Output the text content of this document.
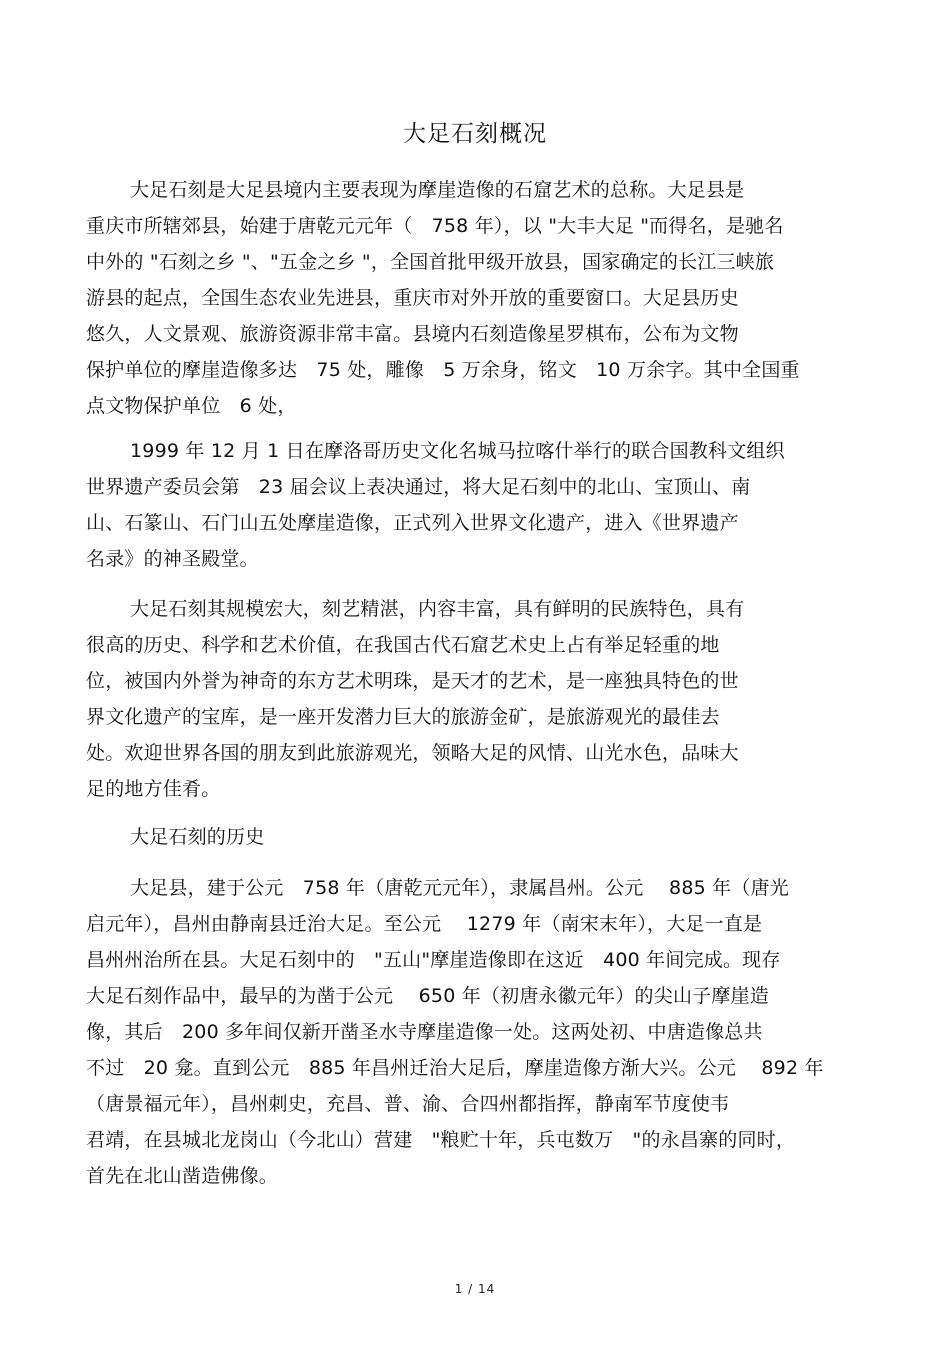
大足石刻概况
大足石刻是大足县境内主要表现为摩崖造像的石窟艺术的总称。大足县是
重庆市所辖郊县，始建于唐乾元元年（　758 年），以 "大丰大足 "而得名，是驰名
中外的 "石刻之乡 "、"五金之乡 "，全国首批甲级开放县，国家确定的长江三峡旅
游县的起点，全国生态农业先进县，重庆市对外开放的重要窗口。大足县历史
悠久，人文景观、旅游资源非常丰富。县境内石刻造像星罗棋布，公布为文物
保护单位的摩崖造像多达　75 处，雕像　5 万余身，铭文　10 万余字。其中全国重
点文物保护单位　6 处，
1999 年 12 月 1 日在摩洛哥历史文化名城马拉喀什举行的联合国教科文组织
世界遗产委员会第　23 届会议上表决通过，将大足石刻中的北山、宝顶山、南
山、石篆山、石门山五处摩崖造像，正式列入世界文化遗产，进入《世界遗产
名录》的神圣殿堂。
大足石刻其规模宏大，刻艺精湛，内容丰富，具有鲜明的民族特色，具有
很高的历史、科学和艺术价值，在我国古代石窟艺术史上占有举足轻重的地
位，被国内外誉为神奇的东方艺术明珠，是天才的艺术，是一座独具特色的世
界文化遗产的宝库，是一座开发潜力巨大的旅游金矿，是旅游观光的最佳去
处。欢迎世界各国的朋友到此旅游观光，领略大足的风情、山光水色，品味大
足的地方佳肴。
大足石刻的历史
大足县，建于公元　758 年（唐乾元元年），隶属昌州。公元　 885 年（唐光
启元年），昌州由静南县迁治大足。至公元　 1279 年（南宋末年），大足一直是
昌州州治所在县。大足石刻中的　"五山"摩崖造像即在这近　400 年间完成。现存
大足石刻作品中，最早的为凿于公元　 650 年（初唐永徽元年）的尖山子摩崖造
像，其后　200 多年间仅新开凿圣水寺摩崖造像一处。这两处初、中唐造像总共
不过　20 龛。直到公元　885 年昌州迁治大足后，摩崖造像方渐大兴。公元　 892 年
（唐景福元年），昌州刺史，充昌、普、渝、合四州都指挥，静南军节度使韦
君靖，在县城北龙岗山（今北山）营建　"粮贮十年，兵屯数万　"的永昌寨的同时，
首先在北山凿造佛像。
1 / 14
